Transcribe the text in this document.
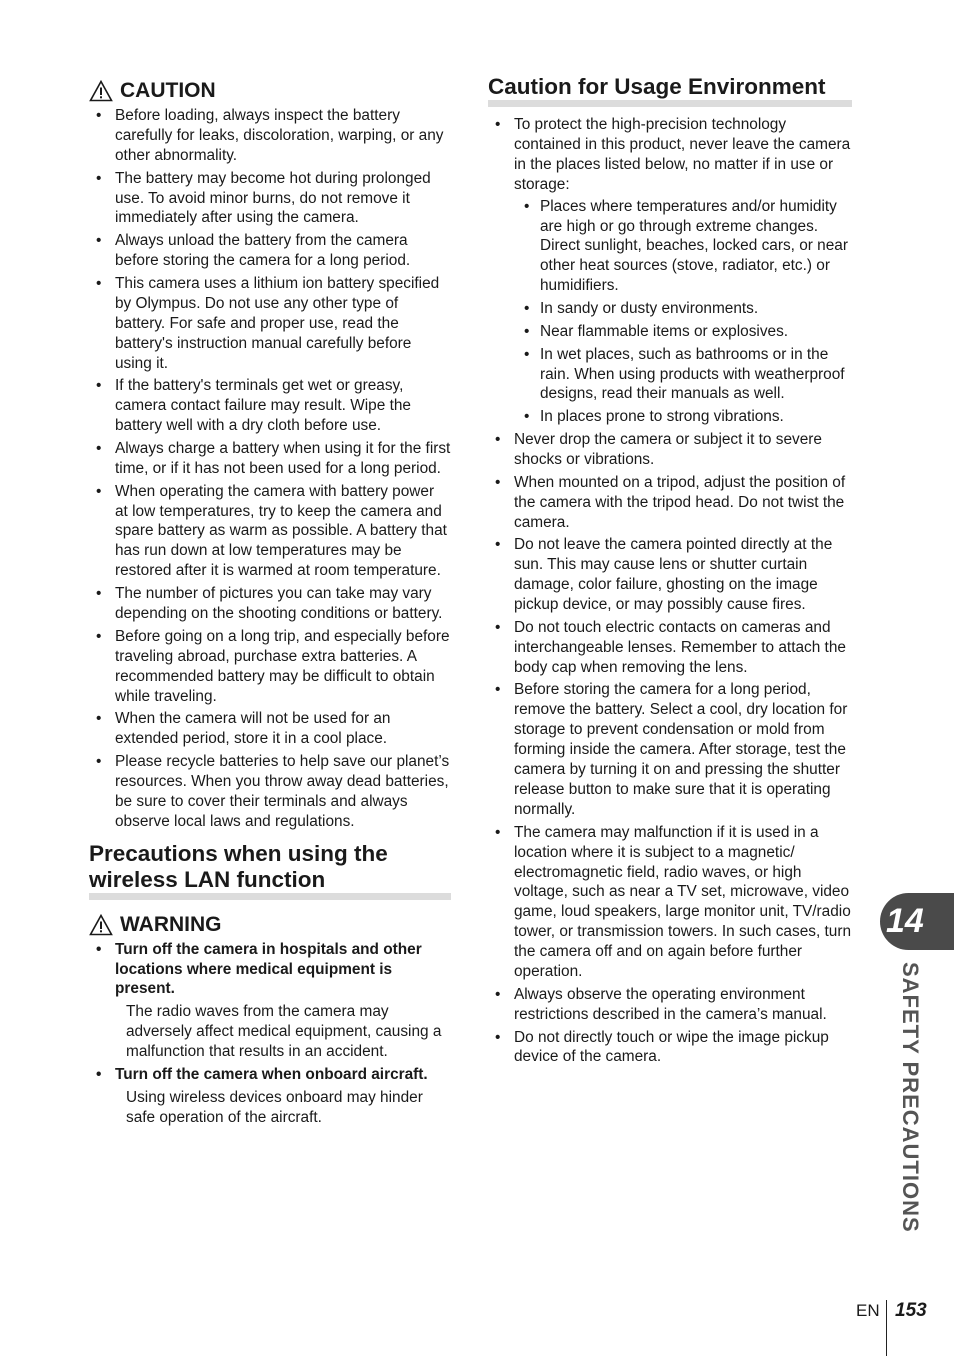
CAUTION
• Before loading, always inspect the battery carefully for leaks, discoloration, warping, or any other abnormality.
• The battery may become hot during prolonged use. To avoid minor burns, do not remove it immediately after using the camera.
• Always unload the battery from the camera before storing the camera for a long period.
• This camera uses a lithium ion battery specified by Olympus. Do not use any other type of battery. For safe and proper use, read the battery's instruction manual carefully before using it.
• If the battery's terminals get wet or greasy, camera contact failure may result. Wipe the battery well with a dry cloth before use.
• Always charge a battery when using it for the first time, or if it has not been used for a long period.
• When operating the camera with battery power at low temperatures, try to keep the camera and spare battery as warm as possible. A battery that has run down at low temperatures may be restored after it is warmed at room temperature.
• The number of pictures you can take may vary depending on the shooting conditions or battery.
• Before going on a long trip, and especially before traveling abroad, purchase extra batteries. A recommended battery may be difficult to obtain while traveling.
• When the camera will not be used for an extended period, store it in a cool place.
• Please recycle batteries to help save our planet’s resources. When you throw away dead batteries, be sure to cover their terminals and always observe local laws and regulations.
Precautions when using the
wireless LAN function
WARNING
• Turn off the camera in hospitals and other locations where medical equipment is present.
The radio waves from the camera may adversely affect medical equipment, causing a malfunction that results in an accident.
• Turn off the camera when onboard aircraft.
Using wireless devices onboard may hinder safe operation of the aircraft.
Caution for Usage Environment
• To protect the high-precision technology contained in this product, never leave the camera in the places listed below, no matter if in use or storage:
• Places where temperatures and/or humidity are high or go through extreme changes. Direct sunlight, beaches, locked cars, or near other heat sources (stove, radiator, etc.) or humidifiers.
• In sandy or dusty environments.
• Near flammable items or explosives.
• In wet places, such as bathrooms or in the rain. When using products with weatherproof designs, read their manuals as well.
• In places prone to strong vibrations.
• Never drop the camera or subject it to severe shocks or vibrations.
• When mounted on a tripod, adjust the position of the camera with the tripod head. Do not twist the camera.
• Do not leave the camera pointed directly at the sun. This may cause lens or shutter curtain damage, color failure, ghosting on the image pickup device, or may possibly cause fires.
• Do not touch electric contacts on cameras and interchangeable lenses. Remember to attach the body cap when removing the lens.
• Before storing the camera for a long period, remove the battery. Select a cool, dry location for storage to prevent condensation or mold from forming inside the camera. After storage, test the camera by turning it on and pressing the shutter release button to make sure that it is operating normally.
• The camera may malfunction if it is used in a location where it is subject to a magnetic/ electromagnetic field, radio waves, or high voltage, such as near a TV set, microwave, video game, loud speakers, large monitor unit, TV/radio tower, or transmission towers. In such cases, turn the camera off and on again before further operation.
• Always observe the operating environment restrictions described in the camera’s manual.
• Do not directly touch or wipe the image pickup device of the camera.
14
SAFETY PRECAUTIONS
EN 153
